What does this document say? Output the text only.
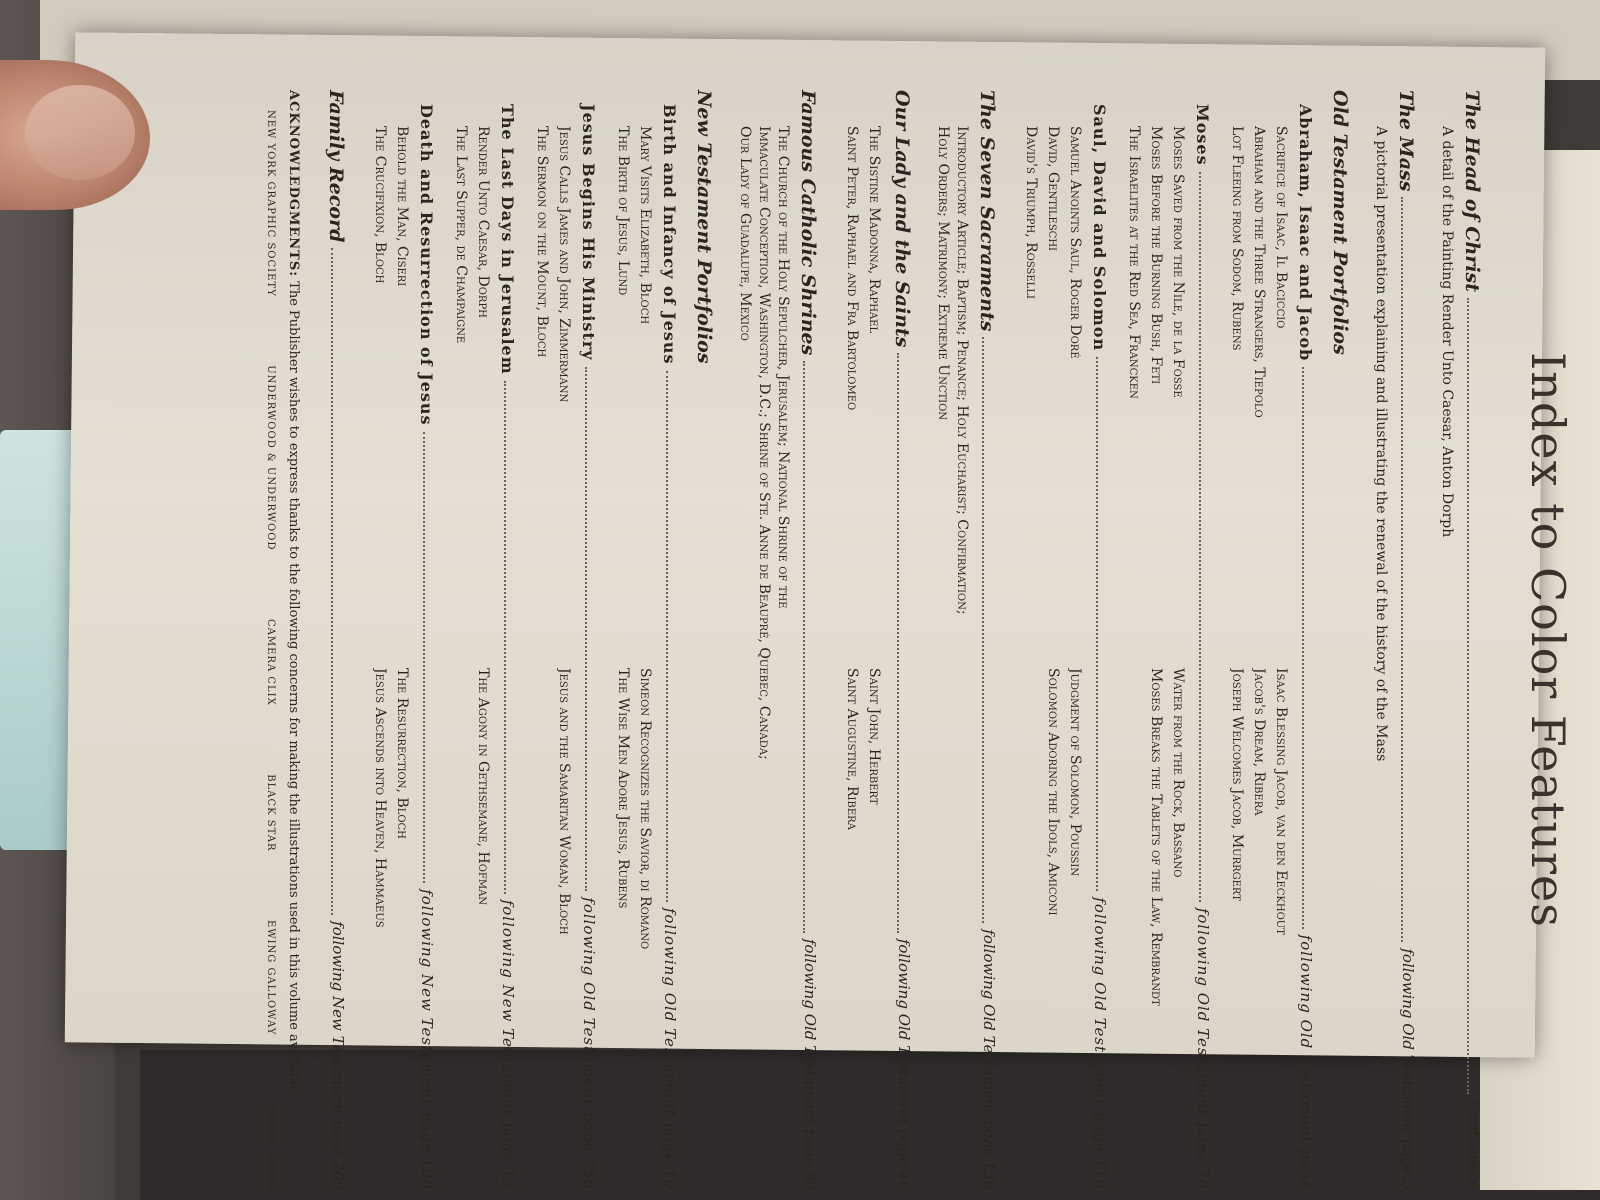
Index to Color Features
The Head of Christ
frontispiece
A detail of the Painting Render Unto Caesar, Anton Dorph
The Mass
following Old Testament page 3
A pictorial presentation explaining and illustrating the renewal of the history of the Mass
Old Testament Portfolios
Abraham, Isaac and Jacob
following Old Testament page
Sacrifice of Isaac, Il Baciccio
Isaac Blessing Jacob, van den Eeckhout
Abraham and the Three Strangers, Tiepolo
Jacob's Dream, Ribera
Lot Fleeing from Sodom, Rubens
Joseph Welcomes Jacob, Murrgert
Moses
following Old Testament page 76
Moses Saved from the Nile, de la Fosse
Water from the Rock, Bassano
Moses Before the Burning Bush, Feti
Moses Breaks the Tablets of the Law, Rembrandt
The Israelites at the Red Sea, Francken
Saul, David and Solomon
following Old Testament page 116
Samuel Anoints Saul, Roger Doré
Judgment of Solomon, Poussin
David, Gentileschi
Solomon Adoring the Idols, Amiconi
David's Triumph, Rosselli
The Seven Sacraments
following Old Testament page 136
Introductory Article; Baptism; Penance; Holy Eucharist; Confirmation;
Holy Orders; Matrimony; Extreme Unction
Our Lady and the Saints
following Old Testament page 46
The Sistine Madonna, Raphael
Saint John, Herbert
Saint Peter, Raphael and Fra Bartolomeo
Saint Augustine, Ribera
Famous Catholic Shrines
following Old Testament page 96
The Church of the Holy Sepulcher, Jerusalem; National Shrine of the
Immaculate Conception, Washington, D.C.; Shrine of Ste. Anne de Beaupré, Quebec, Canada;
Our Lady of Guadalupe, Mexico
New Testament Portfolios
Birth and Infancy of Jesus
following Old Testament page 10
Mary Visits Elizabeth, Bloch
Simeon Recognizes the Savior, di Romano
The Birth of Jesus, Lund
The Wise Men Adore Jesus, Rubens
Jesus Begins His Ministry
following Old Testament page 756
Jesus Calls James and John, Zimmermann
Jesus and the Samaritan Woman, Bloch
The Sermon on the Mount, Bloch
The Last Days in Jerusalem
following New Testament page 12
Render Unto Caesar, Dorph
The Agony in Gethsemane, Hofman
The Last Supper, de Champaigne
Death and Resurrection of Jesus
following New Testament page 108
Behold the Man, Ciseri
The Resurrection, Bloch
The Crucifixion, Bloch
Jesus Ascends into Heaven, Hammaeus
Family Record
following New Testament page 206
ACKNOWLEDGMENTS: The Publisher wishes to express thanks to the following concerns for making the illustrations used in this volume available
NEW YORK GRAPHIC SOCIETY
UNDERWOOD & UNDERWOOD
CAMERA CLIX
BLACK STAR
EWING GALLOWAY
THREE LIONS
